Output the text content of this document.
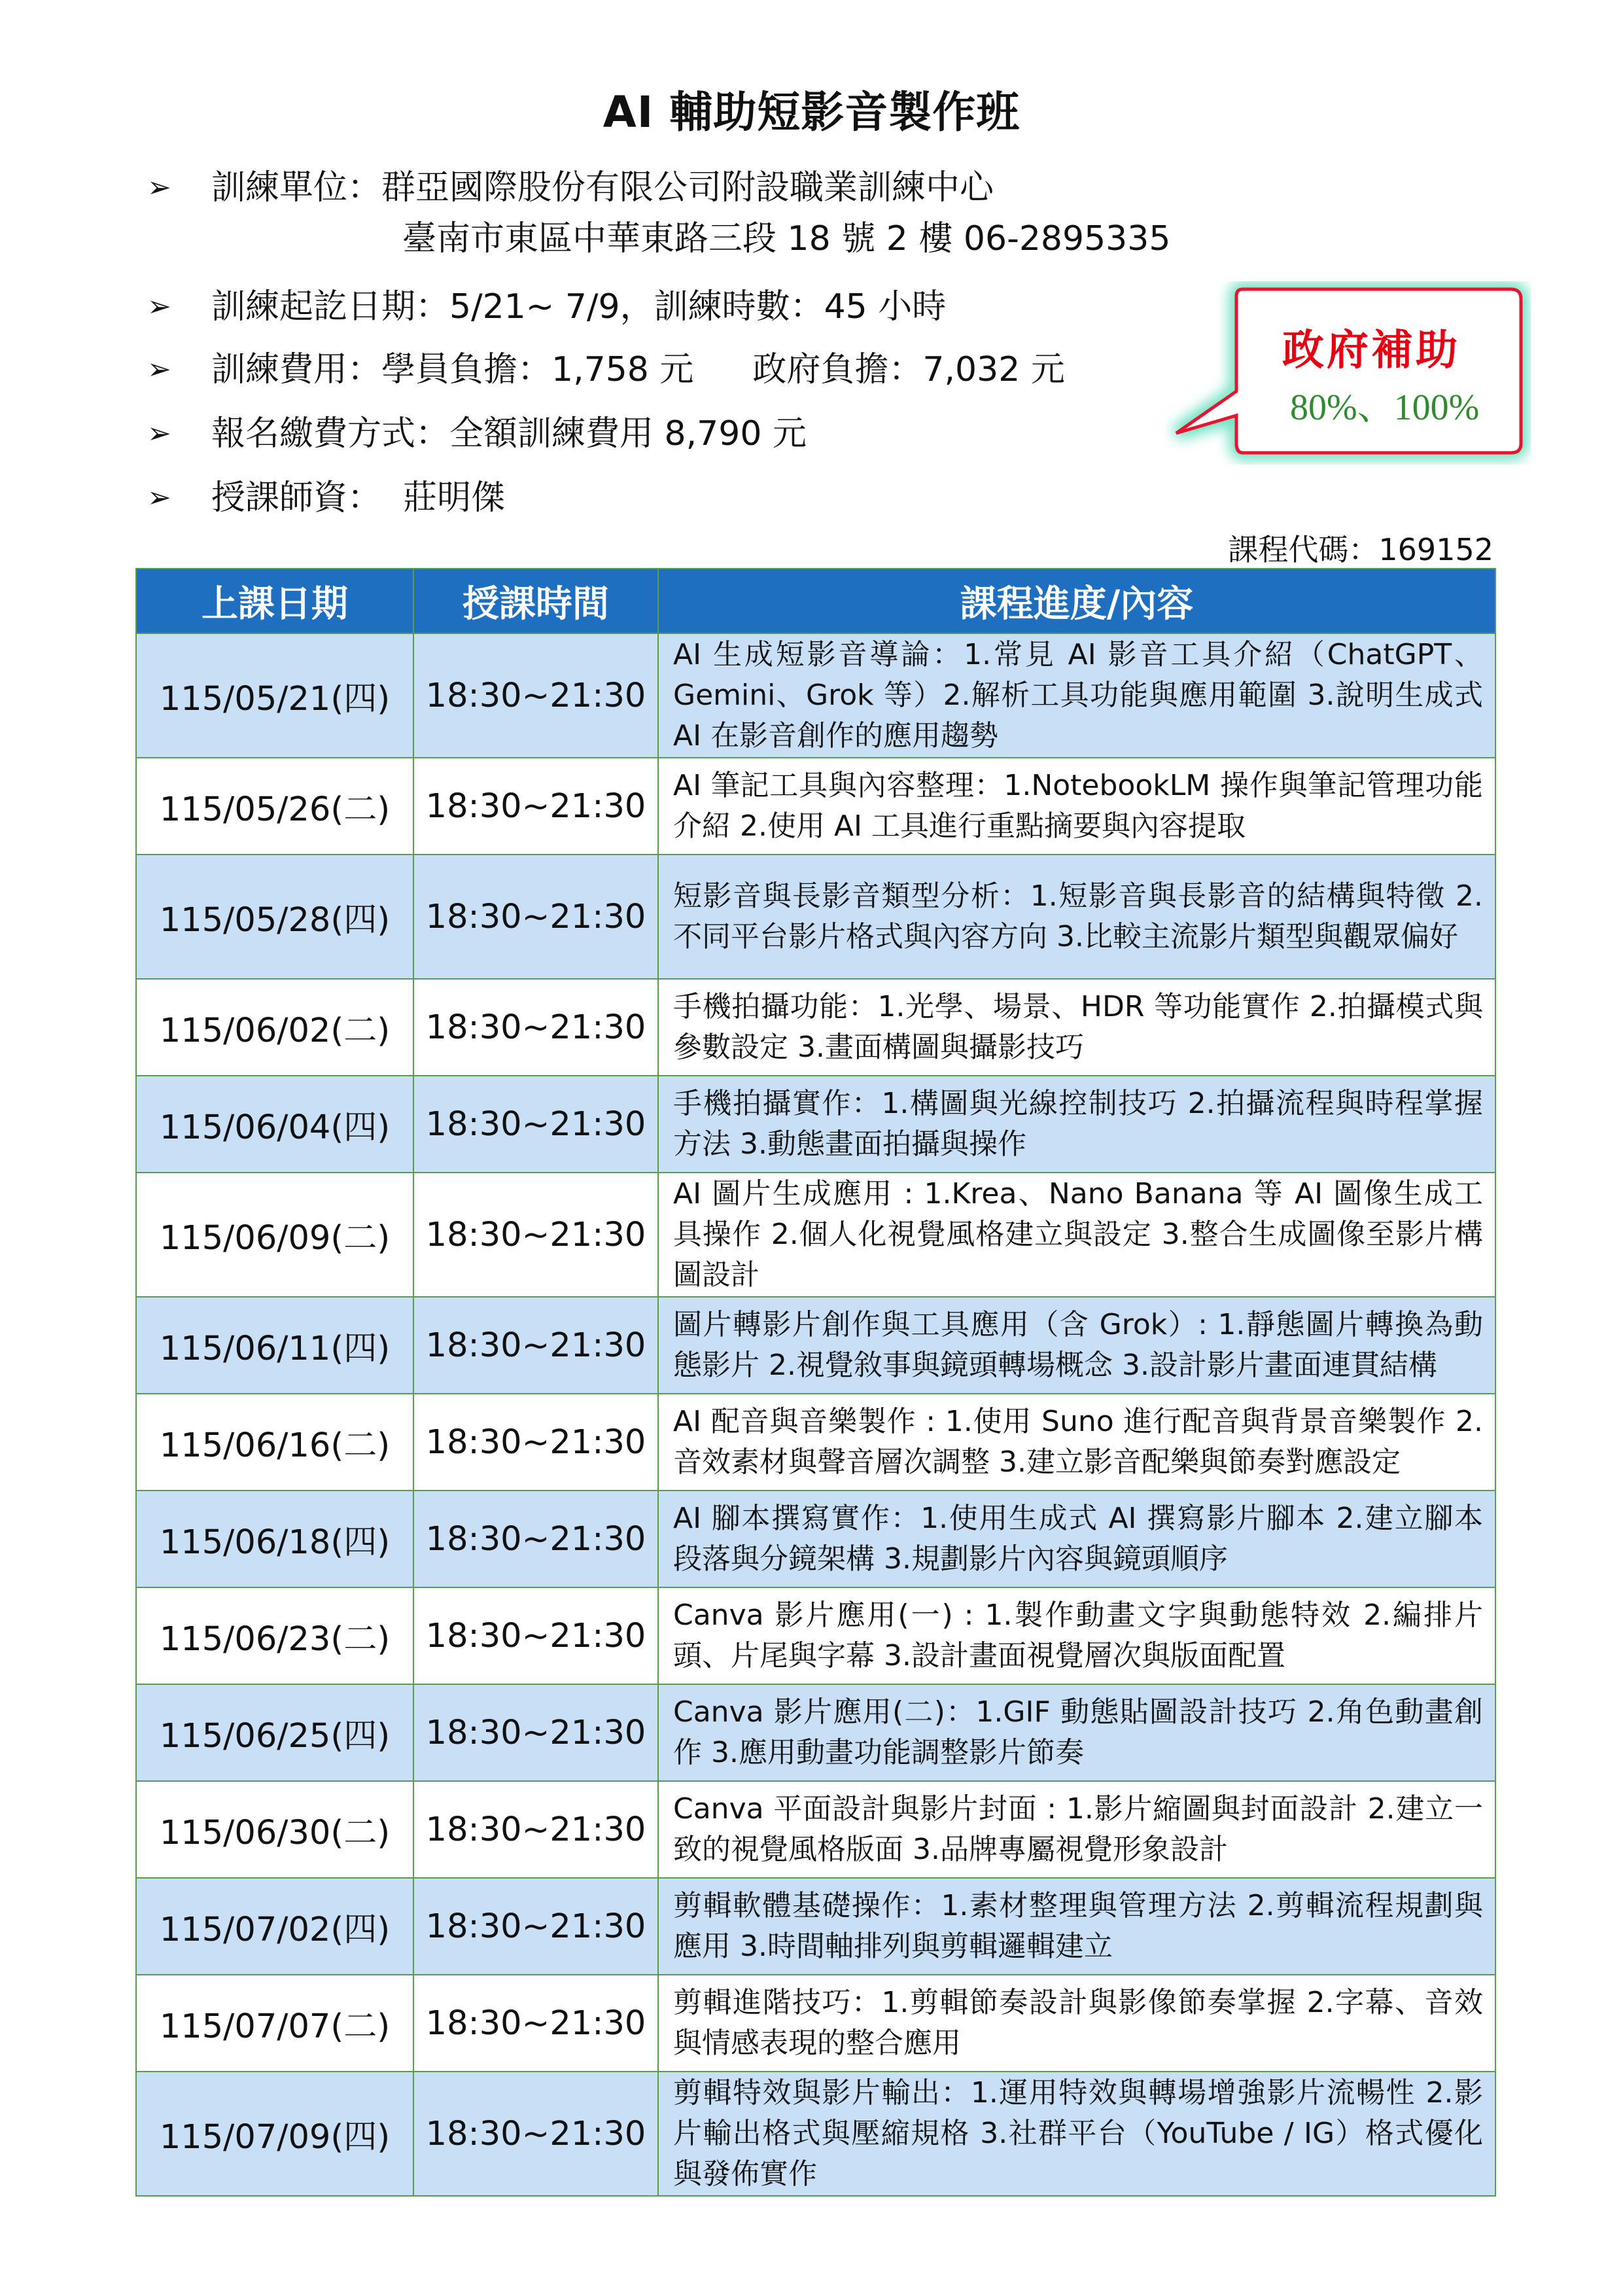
AI 輔助短影音製作班
➢ 訓練單位：群亞國際股份有限公司附設職業訓練中心
臺南市東區中華東路三段 18 號 2 樓 06-2895335
➢ 訓練起訖日期：5/21~ 7/9，訓練時數：45 小時
➢ 訓練費用：學員負擔：1,758 元 政府負擔：7,032 元
➢ 報名繳費方式：全額訓練費用 8,790 元
➢ 授課師資： 莊明傑
政府補助
80%、100%
課程代碼：169152
上課日期	授課時間	課程進度/內容
115/05/21(四)	18:30~21:30	AI 生成短影音導論：1.常見 AI 影音工具介紹（ChatGPT、Gemini、Grok 等）2.解析工具功能與應用範圍 3.說明生成式 AI 在影音創作的應用趨勢
115/05/26(二)	18:30~21:30	AI 筆記工具與內容整理：1.NotebookLM 操作與筆記管理功能介紹 2.使用 AI 工具進行重點摘要與內容提取
115/05/28(四)	18:30~21:30	短影音與長影音類型分析：1.短影音與長影音的結構與特徵 2.不同平台影片格式與內容方向 3.比較主流影片類型與觀眾偏好
115/06/02(二)	18:30~21:30	手機拍攝功能：1.光學、場景、HDR 等功能實作 2.拍攝模式與參數設定 3.畫面構圖與攝影技巧
115/06/04(四)	18:30~21:30	手機拍攝實作：1.構圖與光線控制技巧 2.拍攝流程與時程掌握方法 3.動態畫面拍攝與操作
115/06/09(二)	18:30~21:30	AI 圖片生成應用 : 1.Krea、Nano Banana 等 AI 圖像生成工具操作 2.個人化視覺風格建立與設定 3.整合生成圖像至影片構圖設計
115/06/11(四)	18:30~21:30	圖片轉影片創作與工具應用（含 Grok）: 1.靜態圖片轉換為動態影片 2.視覺敘事與鏡頭轉場概念 3.設計影片畫面連貫結構
115/06/16(二)	18:30~21:30	AI 配音與音樂製作 : 1.使用 Suno 進行配音與背景音樂製作 2.音效素材與聲音層次調整 3.建立影音配樂與節奏對應設定
115/06/18(四)	18:30~21:30	AI 腳本撰寫實作：1.使用生成式 AI 撰寫影片腳本 2.建立腳本段落與分鏡架構 3.規劃影片內容與鏡頭順序
115/06/23(二)	18:30~21:30	Canva 影片應用(一) : 1.製作動畫文字與動態特效 2.編排片頭、片尾與字幕 3.設計畫面視覺層次與版面配置
115/06/25(四)	18:30~21:30	Canva 影片應用(二)：1.GIF 動態貼圖設計技巧 2.角色動畫創作 3.應用動畫功能調整影片節奏
115/06/30(二)	18:30~21:30	Canva 平面設計與影片封面 : 1.影片縮圖與封面設計 2.建立一致的視覺風格版面 3.品牌專屬視覺形象設計
115/07/02(四)	18:30~21:30	剪輯軟體基礎操作：1.素材整理與管理方法 2.剪輯流程規劃與應用 3.時間軸排列與剪輯邏輯建立
115/07/07(二)	18:30~21:30	剪輯進階技巧：1.剪輯節奏設計與影像節奏掌握 2.字幕、音效與情感表現的整合應用
115/07/09(四)	18:30~21:30	剪輯特效與影片輸出：1.運用特效與轉場增強影片流暢性 2.影片輸出格式與壓縮規格 3.社群平台（YouTube / IG）格式優化與發佈實作
